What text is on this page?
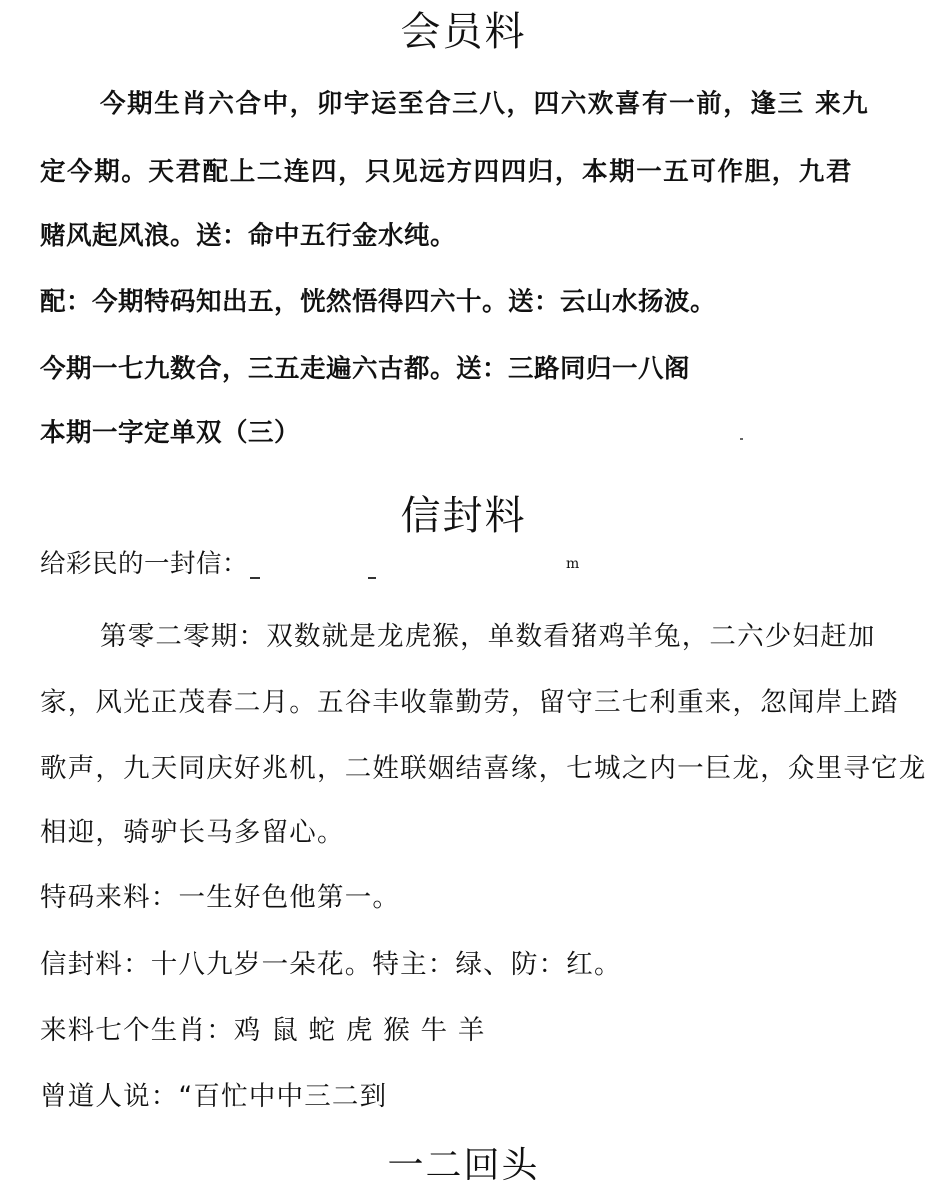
会员料
今期生肖六合中，卯宇运至合三八，四六欢喜有一前，逢三 来九
定今期。天君配上二连四，只见远方四四归，本期一五可作胆，九君
赌风起风浪。送：命中五行金水纯。
配：今期特码知出五，恍然悟得四六十。送：云山水扬波。
今期一七九数合，三五走遍六古都。送：三路同归一八阁
本期一字定单双（三）
信封料
给彩民的一封信：	m
第零二零期：双数就是龙虎猴，单数看猪鸡羊兔，二六少妇赶加
家，风光正茂春二月。五谷丰收靠勤劳，留守三七利重来，忽闻岸上踏
歌声，九天同庆好兆机，二姓联姻结喜缘，七城之内一巨龙，众里寻它龙
相迎，骑驴长马多留心。
特码来料：一生好色他第一。
信封料：十八九岁一朵花。特主：绿、防：红。
来料七个生肖：鸡 鼠 蛇 虎 猴 牛 羊
曾道人说：“百忙中中三二到
一二回头
